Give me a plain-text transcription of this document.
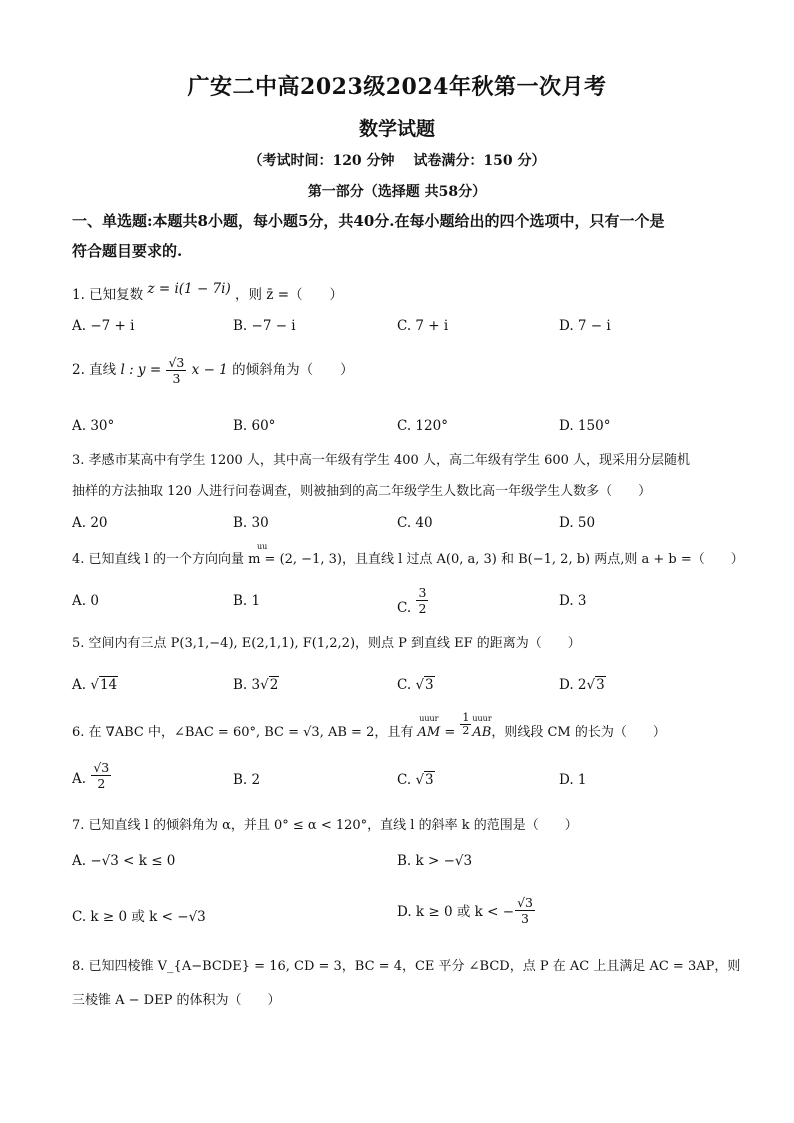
广安二中高2023级2024年秋第一次月考
数学试题
（考试时间：120 分钟　 试卷满分：150 分）
第一部分（选择题 共58分）
一、单选题:本题共8小题，每小题5分，共40分.在每小题给出的四个选项中，只有一个是
符合题目要求的.
1. 已知复数 z = i(1 − 7i) ，则 z̄ =（　　）
A. −7 + i	B. −7 − i	C. 7 + i	D. 7 − i
2. 直线 l : $y = \frac{√3}{3}$ x − 1 的倾斜角为（　　）
A. 30°	B. 60°	C. 120°	D. 150°
3. 孝感市某高中有学生 1200 人，其中高一年级有学生 400 人，高二年级有学生 600 人，现采用分层随机
抽样的方法抽取 120 人进行问卷调查，则被抽到的高二年级学生人数比高一年级学生人数多（　　）
A. 20	B. 30	C. 40	D. 50
4. 已知直线 l 的一个方向向量 m = (2, −1, 3)，且直线 l 过点 A(0, a, 3) 和 B(−1, 2, b) 两点,则 a + b =（　　）
uu
A. 0	B. 1	C. $\frac{3}{2}$	D. 3
5. 空间内有三点 P(3,1,−4), E(2,1,1), F(1,2,2)，则点 P 到直线 EF 的距离为（　　）
A. √14	B. 3√2	C. √3	D. 2√3
6. 在 ∇ABC 中，∠BAC = 60°, BC = √3, AB = 2，且有
uuur
AM = $\frac{1}{2}$ uuur
AB，则线段 CM 的长为（　　）
A. $\frac{√3}{2}$	B. 2	C. √3	D. 1
7. 已知直线 l 的倾斜角为 α，并且 0° ≤ α < 120°，直线 l 的斜率 k 的范围是（　　）
A. −√3 < k ≤ 0	B. k > −√3
C. k ≥ 0 或 k < −√3	D. k ≥ 0 或 k < − $\frac{√3}{3}$
8. 已知四棱锥 V_{A−BCDE} = 16, CD = 3，BC = 4，CE 平分 ∠BCD，点 P 在 AC 上且满足 AC = 3AP，则
三棱锥 A − DEP 的体积为（　　）
